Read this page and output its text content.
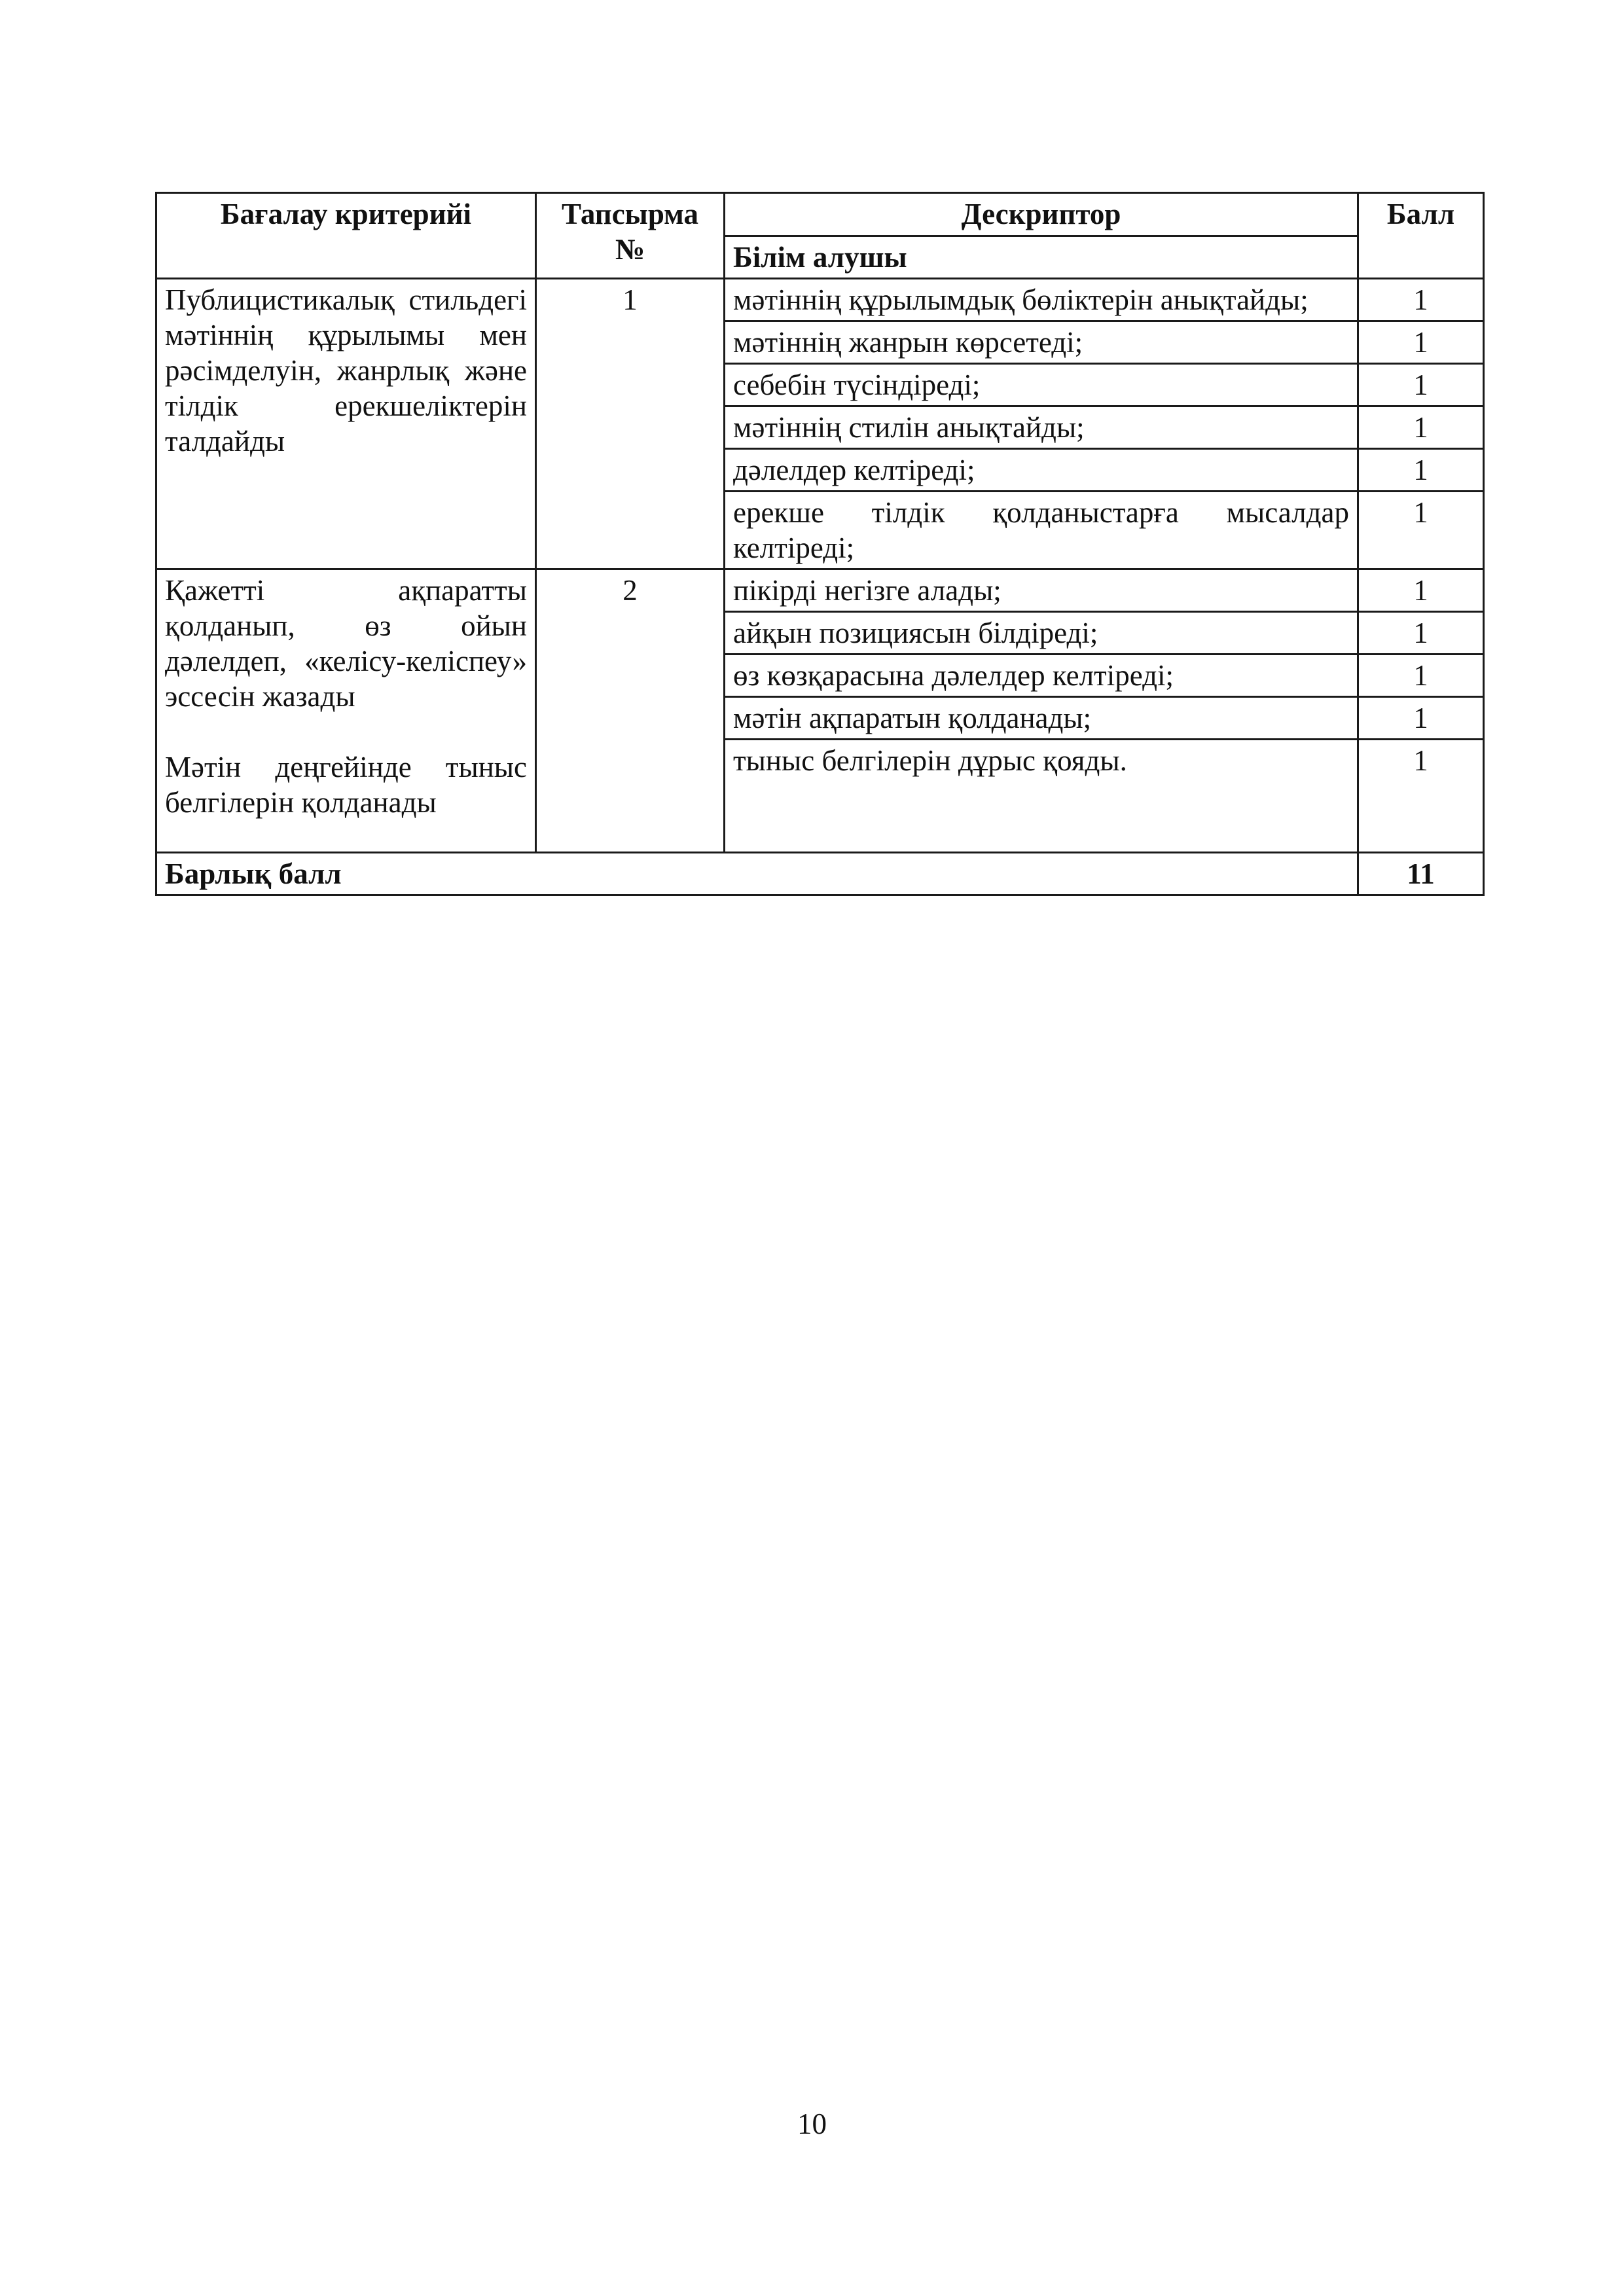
Бағалау критерийі	Тапсырма №	Дескриптор	Балл
		Білім алушы	

Публицистикалық стильдегі мәтіннің құрылымы мен рәсімделуін, жанрлық және тілдік ерекшеліктерін талдайды	1	мәтіннің құрылымдық бөліктерін анықтайды;	1
		мәтіннің жанрын көрсетеді;	1
		себебін түсіндіреді;	1
		мәтіннің стилін анықтайды;	1
		дәлелдер келтіреді;	1
		ерекше тілдік қолданыстарға мысалдар келтіреді;	1

Қажетті ақпаратты қолданып, өз ойын дәлелдеп, «келісу-келіспеу» эссесін жазады

Мәтін деңгейінде тыныс белгілерін қолданады	2	пікірді негізге алады;	1
		айқын позициясын білдіреді;	1
		өз көзқарасына дәлелдер келтіреді;	1
		мәтін ақпаратын қолданады;	1
		тыныс белгілерін дұрыс қояды.	1
Барлық балл			11
10
